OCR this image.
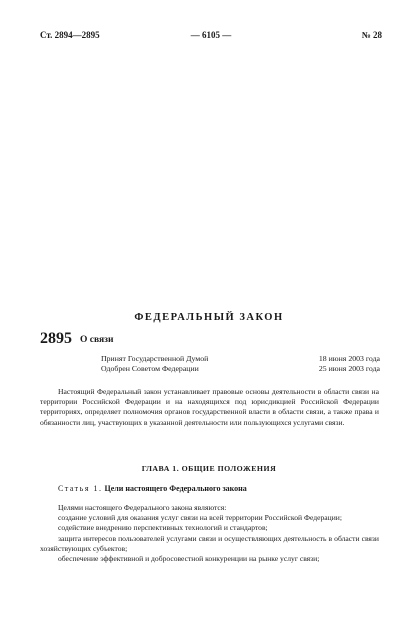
Ст. 2894—2895	— 6105 —	№ 28
ФЕДЕРАЛЬНЫЙ ЗАКОН
2895 О связи
Принят Государственной Думой	18 июня 2003 года
Одобрен Советом Федерации	25 июня 2003 года

Настоящий Федеральный закон устанавливает правовые основы деятельности в области связи на территории Российской Федерации и на находящихся под юрисдикцией Российской Федерации территориях, определяет полномочия органов государственной власти в области связи, а также права и обязанности лиц, участвующих в указанной деятельности или пользующихся услугами связи.

ГЛАВА 1. ОБЩИЕ ПОЛОЖЕНИЯ
Статья 1. Цели настоящего Федерального закона

Целями настоящего Федерального закона являются:

создание условий для оказания услуг связи на всей территории Российской Федерации;

содействие внедрению перспективных технологий и стандартов;

защита интересов пользователей услугами связи и осуществляющих деятельность в области связи хозяйствующих субъектов;

обеспечение эффективной и добросовестной конкуренции на рынке услуг связи;
